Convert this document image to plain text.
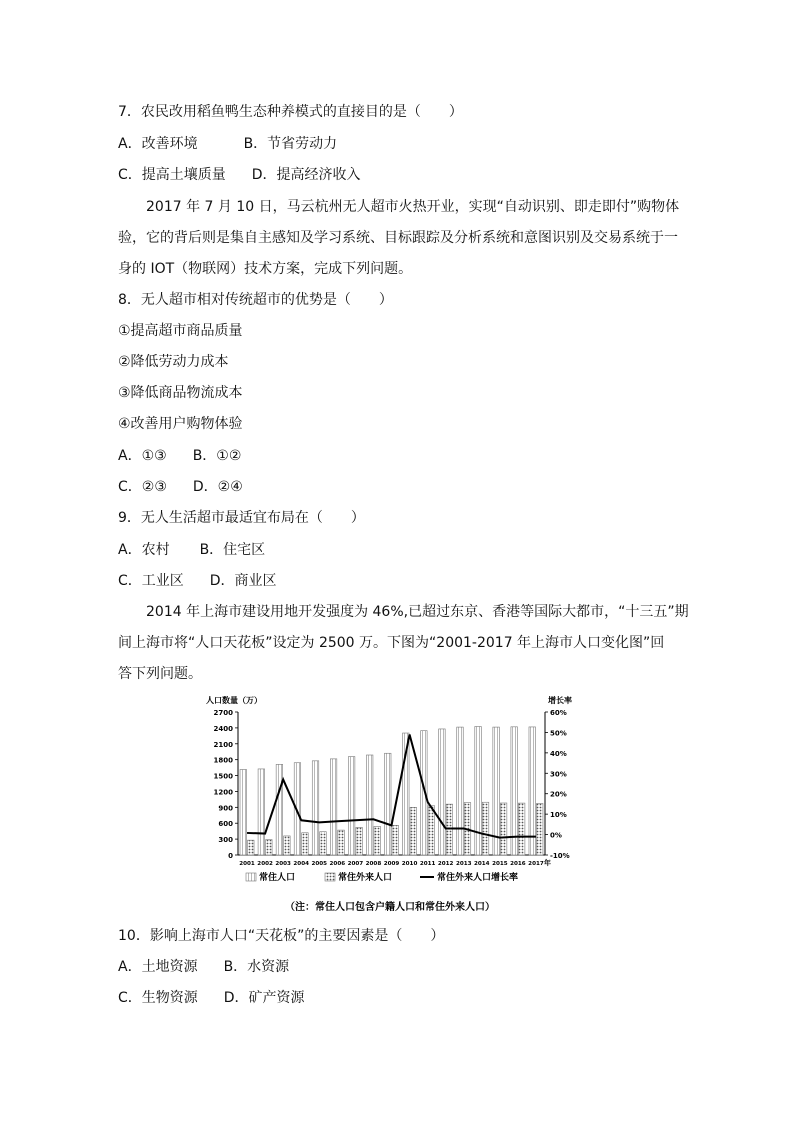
7．农民改用稻鱼鸭生态种养模式的直接目的是（　　）
A．改善环境	B．节省劳动力
C．提高土壤质量 D．提高经济收入
2017 年 7 月 10 日，马云杭州无人超市火热开业，实现“自动识别、即走即付”购物体
验，它的背后则是集自主感知及学习系统、目标跟踪及分析系统和意图识别及交易系统于一
身的 IOT（物联网）技术方案，完成下列问题。
8．无人超市相对传统超市的优势是（　　）
①提高超市商品质量
②降低劳动力成本
③降低商品物流成本
④改善用户购物体验
A．①③ B．①②
C．②③ D．②④
9．无人生活超市最适宜布局在（　　）
A．农村 B．住宅区
C．工业区 D．商业区
2014 年上海市建设用地开发强度为 46%,已超过东京、香港等国际大都市，“十三五”期
间上海市将“人口天花板”设定为 2500 万。下图为“2001-2017 年上海市人口变化图”回
答下列问题。
人口数量（万）	增长率
2700
2400
2100
1800
1500
1200
900
600
300
0
60%
50%
40%
30%
20%
10%
0%
-10%
2001 2002 2003 2004 2005 2006 2007 2008 2009 2010 2011 2012 2013 2014 2015 2016 2017 年
常住人口	常住外来人口	常住外来人口增长率
（注：常住人口包含户籍人口和常住外来人口）
10．影响上海市人口“天花板”的主要因素是（　　）
A．土地资源 B．水资源
C．生物资源 D．矿产资源
